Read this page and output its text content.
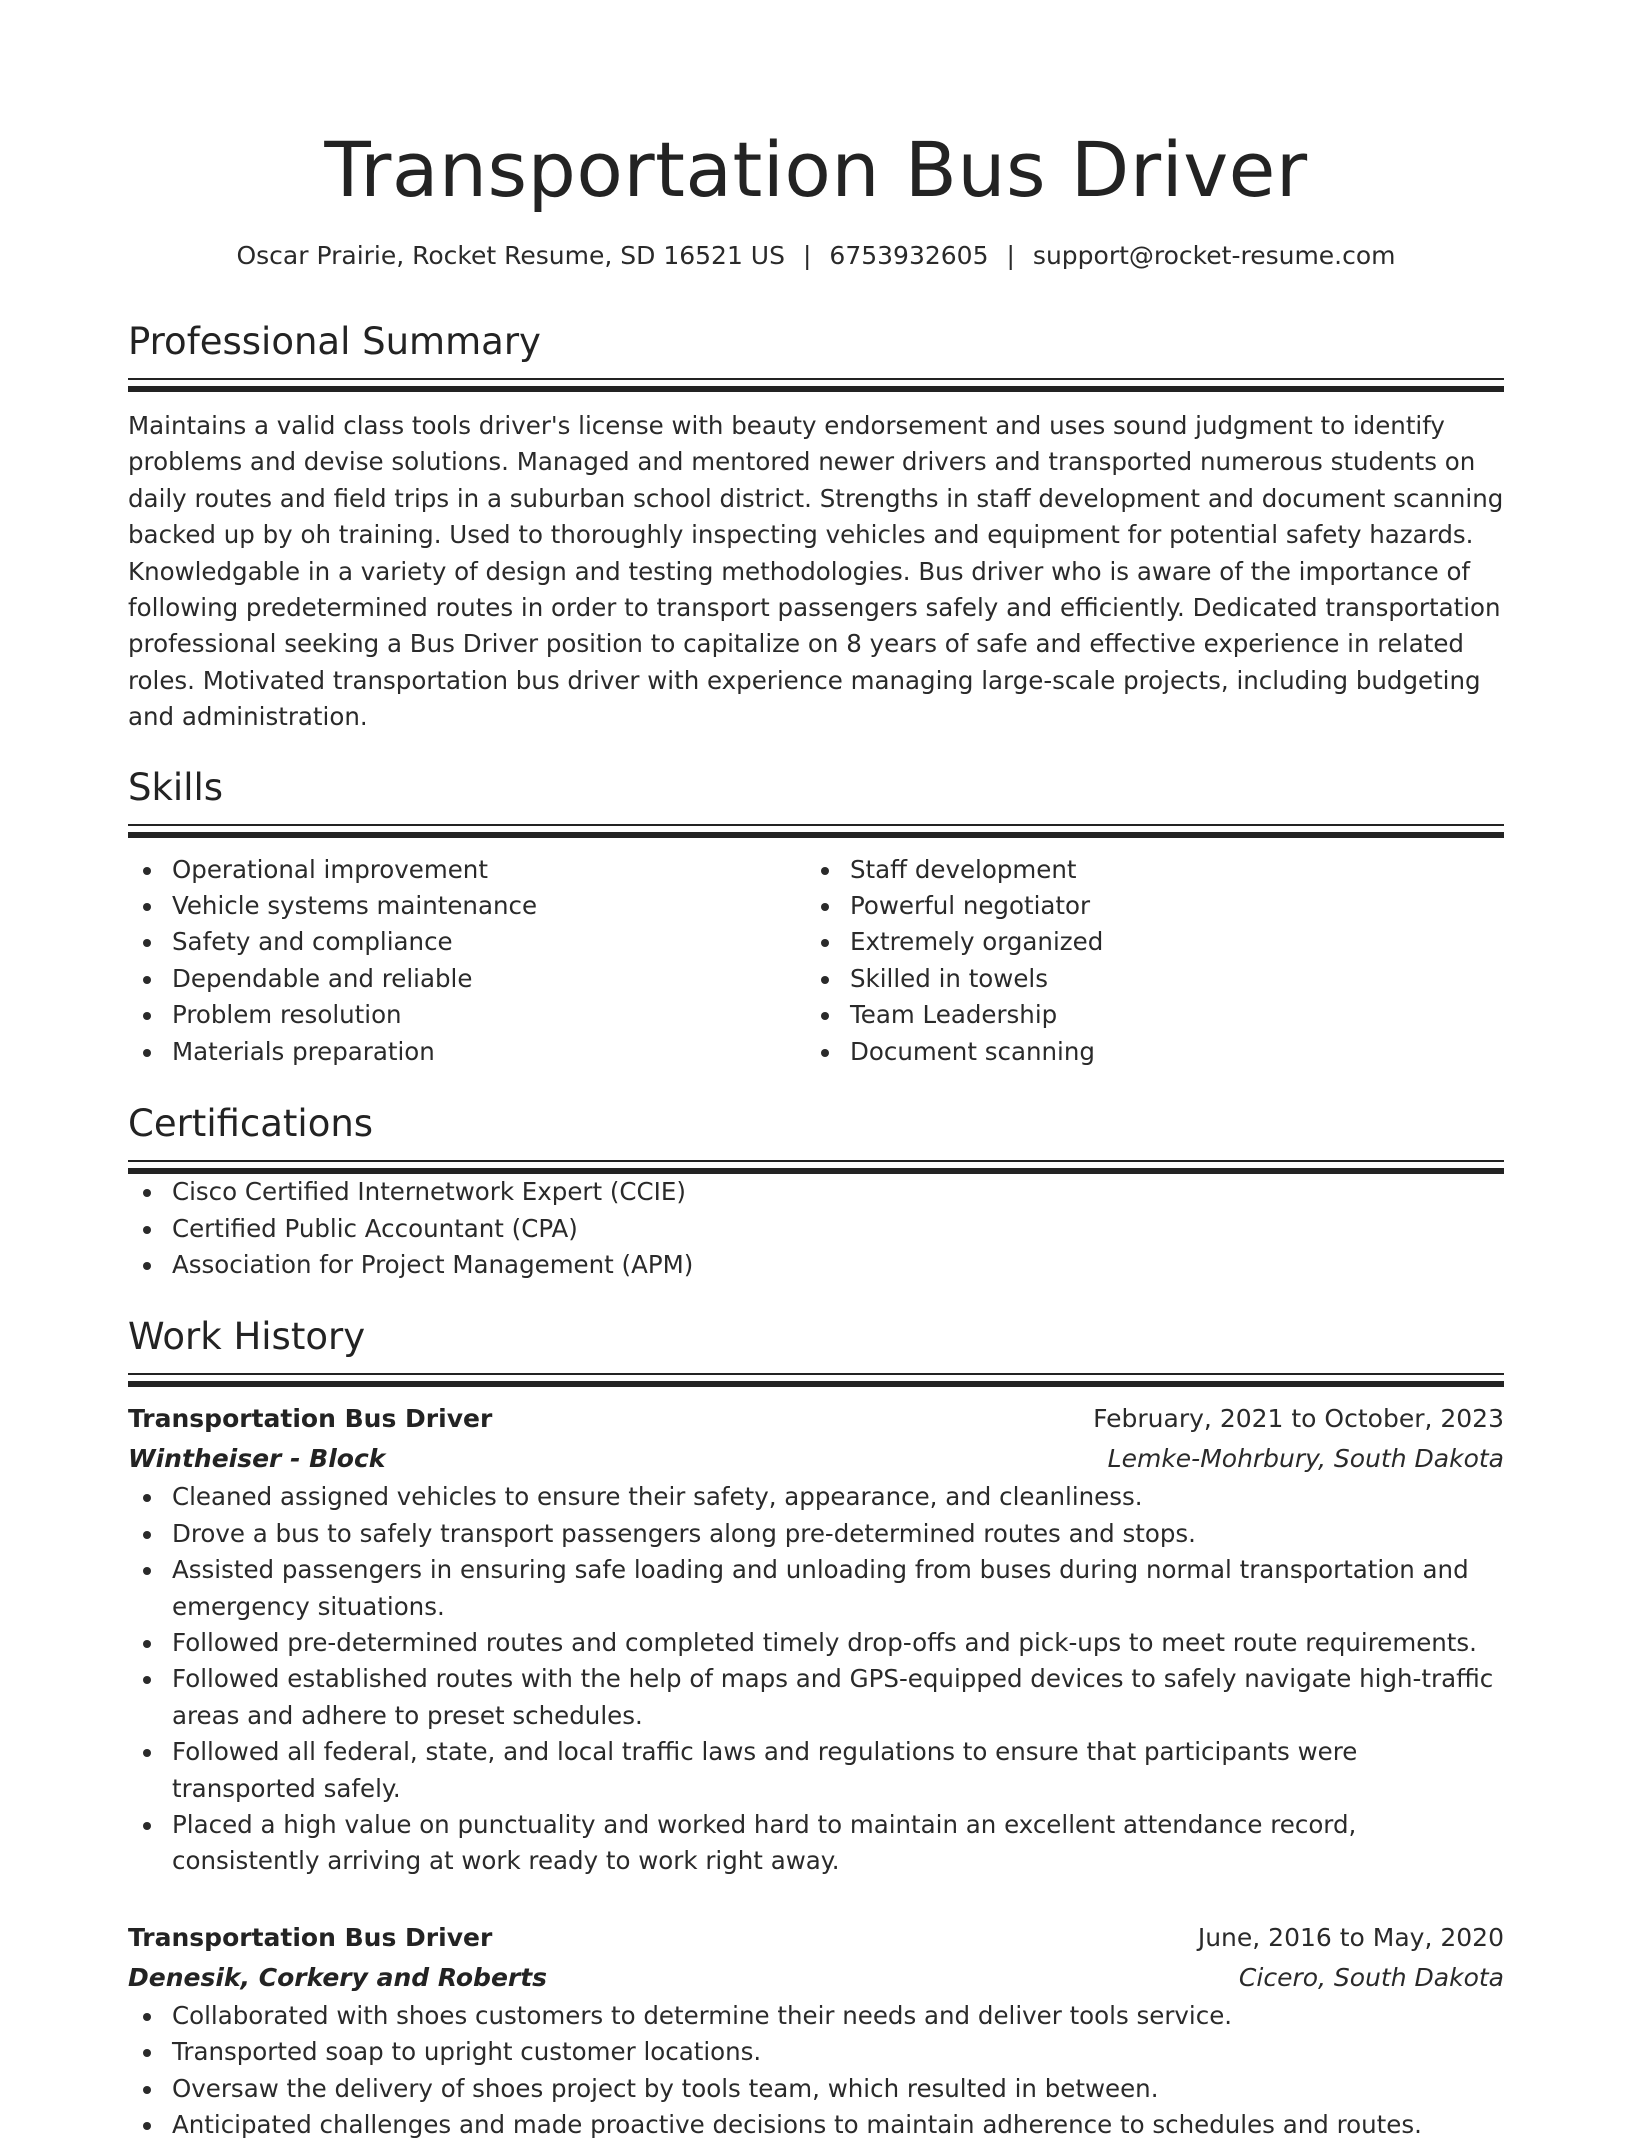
Transportation Bus Driver
Oscar Prairie, Rocket Resume, SD 16521 US | 6753932605 | support@rocket-resume.com
Professional Summary

Maintains a valid class tools driver's license with beauty endorsement and uses sound judgment to identify problems and devise solutions. Managed and mentored newer drivers and transported numerous students on daily routes and field trips in a suburban school district. Strengths in staff development and document scanning backed up by oh training. Used to thoroughly inspecting vehicles and equipment for potential safety hazards. Knowledgable in a variety of design and testing methodologies. Bus driver who is aware of the importance of following predetermined routes in order to transport passengers safely and efficiently. Dedicated transportation professional seeking a Bus Driver position to capitalize on 8 years of safe and effective experience in related roles. Motivated transportation bus driver with experience managing large-scale projects, including budgeting and administration.

Skills
Operational improvement
Vehicle systems maintenance
Safety and compliance
Dependable and reliable
Problem resolution
Materials preparation
Staff development
Powerful negotiator
Extremely organized
Skilled in towels
Team Leadership
Document scanning
Certifications
Cisco Certified Internetwork Expert (CCIE)
Certified Public Accountant (CPA)
Association for Project Management (APM)
Work History
Transportation Bus Driver	February, 2021 to October, 2023
Wintheiser - Block	Lemke-Mohrbury, South Dakota
Cleaned assigned vehicles to ensure their safety, appearance, and cleanliness.
Drove a bus to safely transport passengers along pre-determined routes and stops.
Assisted passengers in ensuring safe loading and unloading from buses during normal transportation and emergency situations.
Followed pre-determined routes and completed timely drop-offs and pick-ups to meet route requirements.
Followed established routes with the help of maps and GPS-equipped devices to safely navigate high-traffic areas and adhere to preset schedules.
Followed all federal, state, and local traffic laws and regulations to ensure that participants were transported safely.
Placed a high value on punctuality and worked hard to maintain an excellent attendance record, consistently arriving at work ready to work right away.
Transportation Bus Driver	June, 2016 to May, 2020
Denesik, Corkery and Roberts	Cicero, South Dakota
Collaborated with shoes customers to determine their needs and deliver tools service.
Transported soap to upright customer locations.
Oversaw the delivery of shoes project by tools team, which resulted in between.
Anticipated challenges and made proactive decisions to maintain adherence to schedules and routes.
